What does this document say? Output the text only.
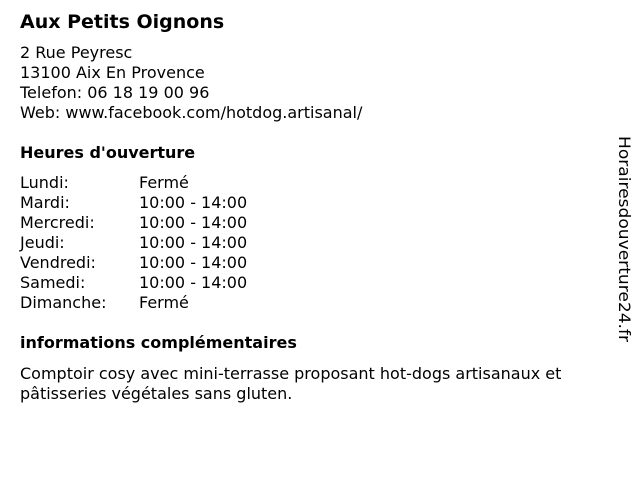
Aux Petits Oignons
2 Rue Peyresc
13100 Aix En Provence
Telefon: 06 18 19 00 96
Web: www.facebook.com/hotdog.artisanal/
Heures d'ouverture
Lundi:	Fermé
Mardi:	10:00 - 14:00
Mercredi:	10:00 - 14:00
Jeudi:	10:00 - 14:00
Vendredi:	10:00 - 14:00
Samedi:	10:00 - 14:00
Dimanche:	Fermé
informations complémentaires
Comptoir cosy avec mini-terrasse proposant hot-dogs artisanaux et pâtisseries végétales sans gluten.
Horairesdouverture24.fr
